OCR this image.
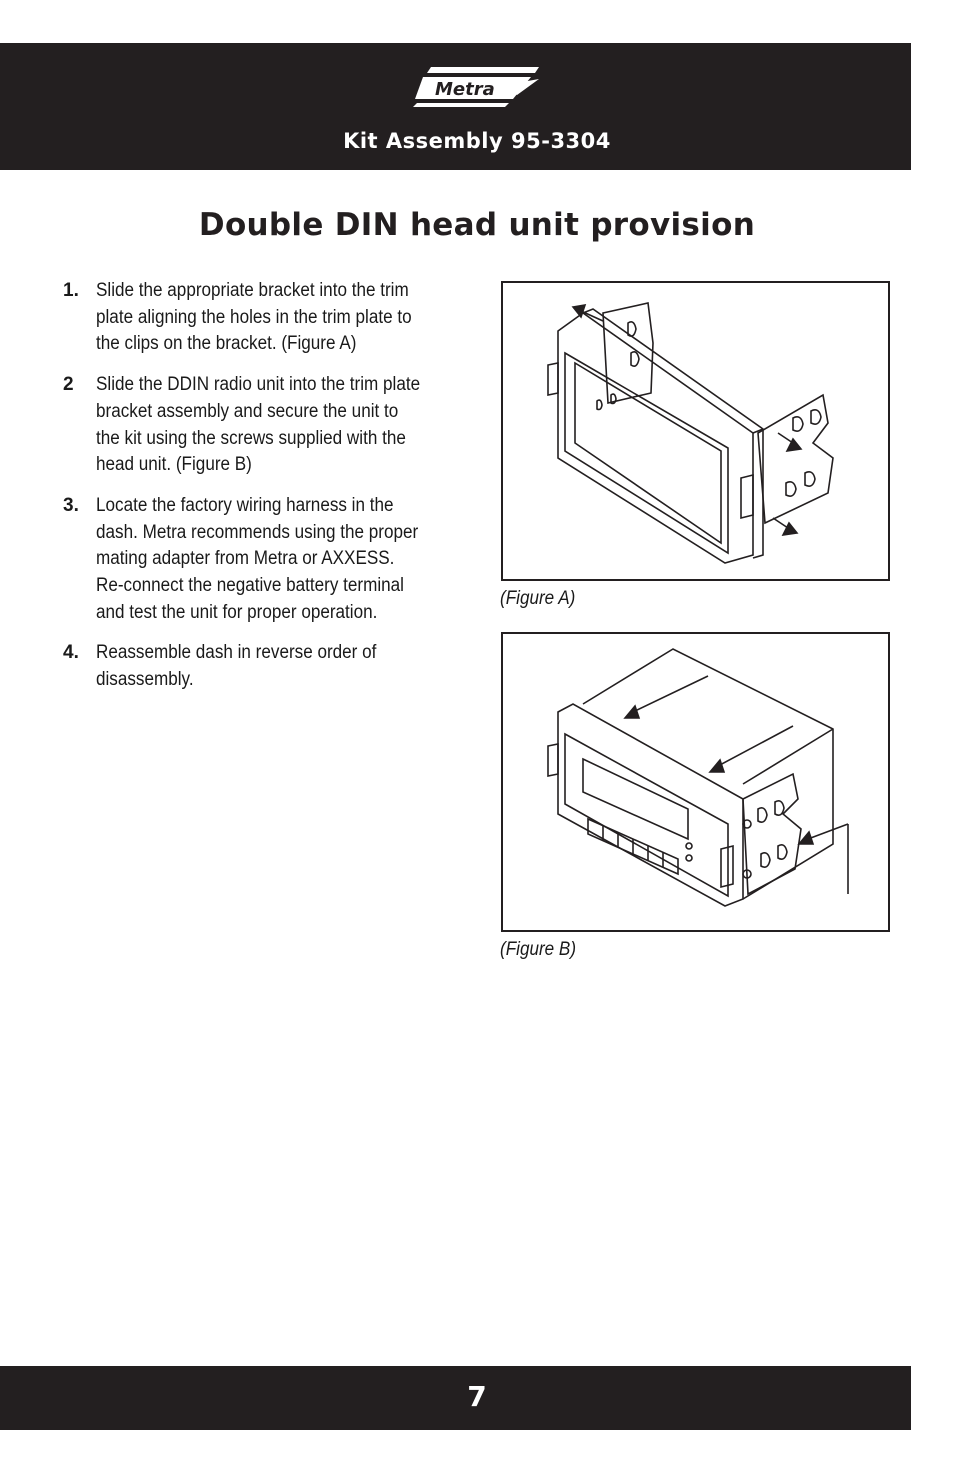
Metra
Kit Assembly 95-3304
Double DIN head unit provision
1. Slide the appropriate bracket into the trim plate aligning the holes in the trim plate to the clips on the bracket. (Figure A)
2	Slide the DDIN radio unit into the trim plate bracket assembly and secure the unit to the kit using the screws supplied with the head unit. (Figure B)
3. Locate the factory wiring harness in the dash. Metra recommends using the proper mating adapter from Metra or AXXESS. Re-connect the negative battery terminal and test the unit for proper operation.
4. Reassemble dash in reverse order of disassembly.
(Figure A)
(Figure B)
7
